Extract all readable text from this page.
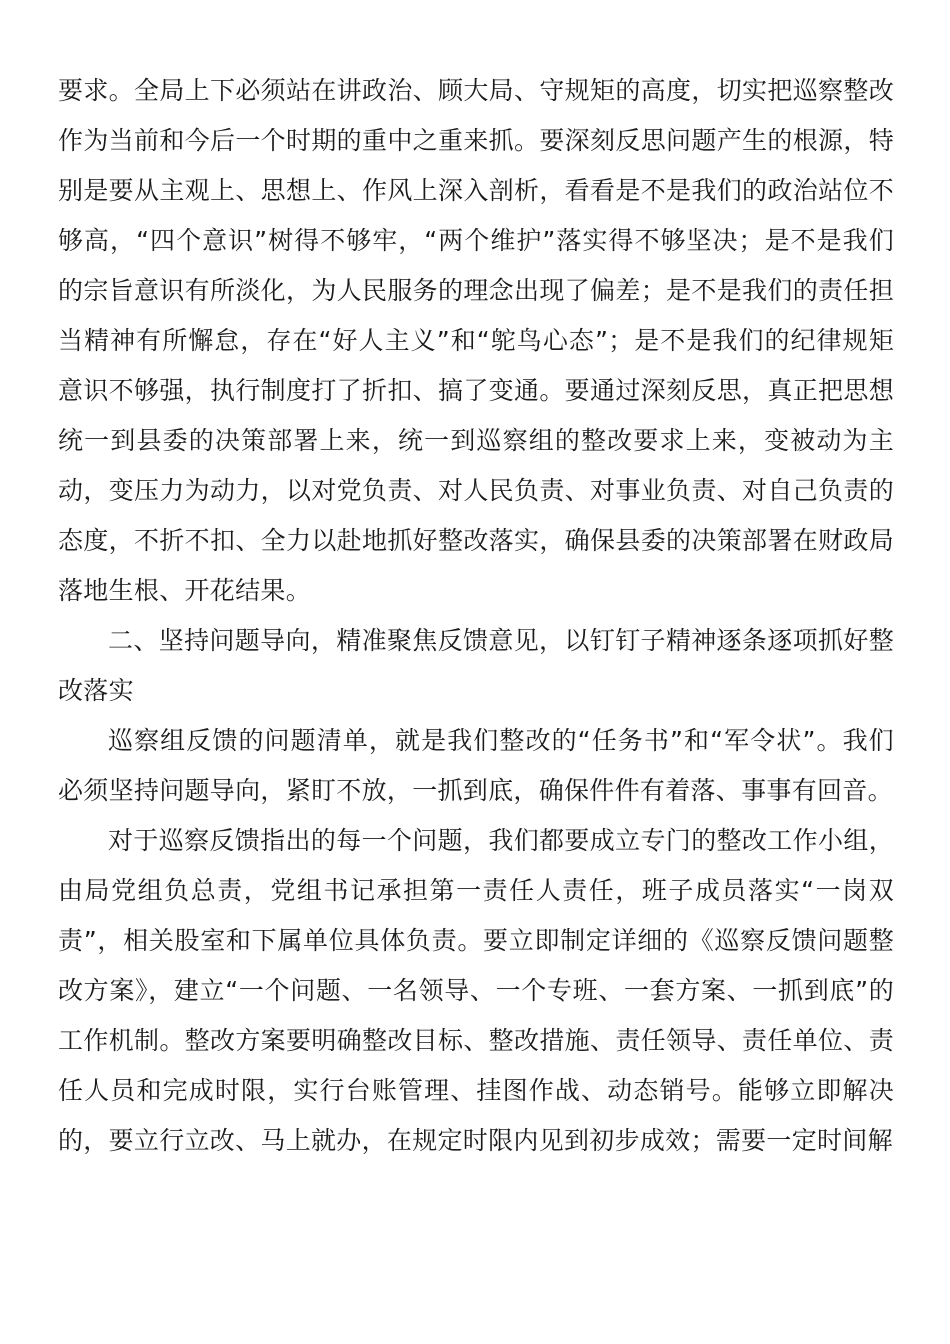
要求。全局上下必须站在讲政治、顾大局、守规矩的高度，切实把巡察整改作为当前和今后一个时期的重中之重来抓。要深刻反思问题产生的根源，特别是要从主观上、思想上、作风上深入剖析，看看是不是我们的政治站位不够高，“四个意识”树得不够牢，“两个维护”落实得不够坚决；是不是我们的宗旨意识有所淡化，为人民服务的理念出现了偏差；是不是我们的责任担当精神有所懈怠，存在“好人主义”和“鸵鸟心态”；是不是我们的纪律规矩意识不够强，执行制度打了折扣、搞了变通。要通过深刻反思，真正把思想统一到县委的决策部署上来，统一到巡察组的整改要求上来，变被动为主动，变压力为动力，以对党负责、对人民负责、对事业负责、对自己负责的态度，不折不扣、全力以赴地抓好整改落实，确保县委的决策部署在财政局落地生根、开花结果。

二、坚持问题导向，精准聚焦反馈意见，以钉钉子精神逐条逐项抓好整改落实

巡察组反馈的问题清单，就是我们整改的“任务书”和“军令状”。我们必须坚持问题导向，紧盯不放，一抓到底，确保件件有着落、事事有回音。

对于巡察反馈指出的每一个问题，我们都要成立专门的整改工作小组，由局党组负总责，党组书记承担第一责任人责任，班子成员落实“一岗双责”，相关股室和下属单位具体负责。要立即制定详细的《巡察反馈问题整改方案》，建立“一个问题、一名领导、一个专班、一套方案、一抓到底”的工作机制。整改方案要明确整改目标、整改措施、责任领导、责任单位、责任人员和完成时限，实行台账管理、挂图作战、动态销号。能够立即解决的，要立行立改、马上就办，在规定时限内见到初步成效；需要一定时间解
